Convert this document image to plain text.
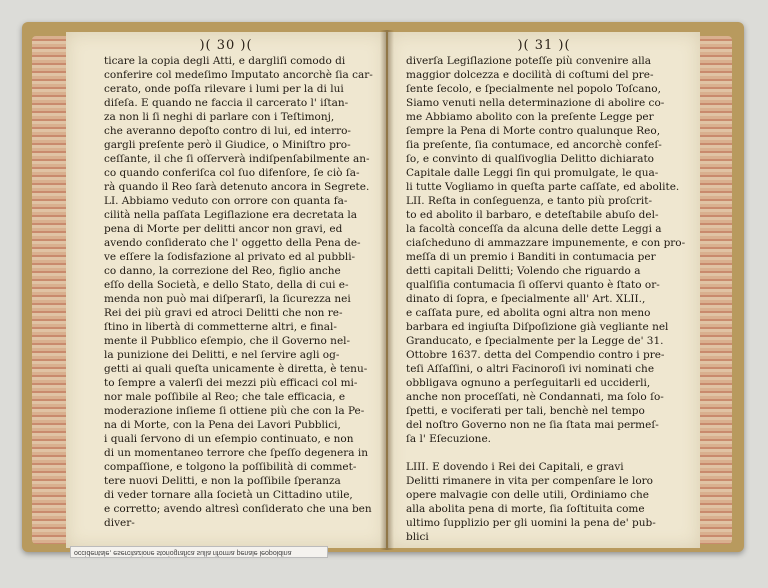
)( 30 )(
ticare la copia degli Atti, e dargliſi comodo di
conferire col medeſimo Imputato ancorchè ſia car-
cerato, onde poſſa rilevare i lumi per la di lui
diſeſa. E quando ne faccia il carcerato l' iſtan-
za non li ſi neghi di parlare con i Teſtimonj,
che averanno depoſto contro di lui, ed interro-
gargli preſente però il Giudice, o Miniſtro pro-
ceſſante, il che ſi oſſerverà indiſpenſabilmente an-
co quando conferiſca col ſuo difenſore, ſe ciò ſa-
rà quando il Reo ſarà detenuto ancora in Segrete.
LI. Abbiamo veduto con orrore con quanta fa-
cilità nella paſſata Legiſlazione era decretata la
pena di Morte per delitti ancor non gravi, ed
avendo conſiderato che l' oggetto della Pena de-
ve eſſere la ſodisfazione al privato ed al pubbli-
co danno, la correzione del Reo, figlio anche
eſſo della Società, e dello Stato, della di cui e-
menda non può mai diſperarſi, la ſicurezza nei
Rei dei più gravi ed atroci Delitti che non re-
ſtino in libertà di commetterne altri, e final-
mente il Pubblico eſempio, che il Governo nel-
la punizione dei Delitti, e nel ſervire agli og-
getti ai quali queſta unicamente è diretta, è tenu-
to ſempre a valerſi dei mezzi più efficaci col mi-
nor male poſſibile al Reo; che tale efficacia, e
moderazione inſieme ſi ottiene più che con la Pe-
na di Morte, con la Pena dei Lavori Pubblici,
i quali ſervono di un eſempio continuato, e non
di un momentaneo terrore che ſpeſſo degenera in
compaſſione, e tolgono la poſſibilità di commet-
tere nuovi Delitti, e non la poſſibile ſperanza
di veder tornare alla ſocietà un Cittadino utile,
e corretto; avendo altresì conſiderato che una ben
diver-
)( 31 )(
diverſa Legiſlazione poteſſe più convenire alla
maggior dolcezza e docilità di coſtumi del pre-
ſente ſecolo, e ſpecialmente nel popolo Toſcano,
Siamo venuti nella determinazione di abolire co-
me Abbiamo abolito con la preſente Legge per
ſempre la Pena di Morte contro qualunque Reo,
ſia preſente, ſia contumace, ed ancorchè confeſ-
ſo, e convinto di qualſivoglia Delitto dichiarato
Capitale dalle Leggi ſin qui promulgate, le qua-
li tutte Vogliamo in queſta parte caſſate, ed abolite.
LII. Reſta in conſeguenza, e tanto più proſcrit-
to ed abolito il barbaro, e deteſtabile abuſo del-
la facoltà conceſſa da alcuna delle dette Leggi a
ciaſcheduno di ammazzare impunemente, e con pro-
meſſa di un premio i Banditi in contumacia per
detti capitali Delitti; Volendo che riguardo a
qualſiſia contumacia ſi oſſervi quanto è ſtato or-
dinato di ſopra, e ſpecialmente all' Art. XLII.,
e caſſata pure, ed abolita ogni altra non meno
barbara ed ingiuſta Diſpoſizione già vegliante nel
Granducato, e ſpecialmente per la Legge de' 31.
Ottobre 1637. detta del Compendio contro i pre-
teſi Aſſaſſini, o altri Facinoroſi ivi nominati che
obbligava ognuno a perſeguitarli ed ucciderli,
anche non proceſſati, nè Condannati, ma ſolo ſo-
ſpetti, e vociferati per tali, benchè nel tempo
del noſtro Governo non ne ſia ſtata mai permeſ-
ſa l' Eſecuzione.
LIII. E dovendo i Rei dei Capitali, e gravi
Delitti rimanere in vita per compenſare le loro
opere malvagie con delle utili, Ordiniamo che
alla abolita pena di morte, ſia ſoſtituita come
ultimo ſupplizio per gli uomini la pena de' pub-
blici
occidentale, esercitazione storiografica sulla riforma penale leopoldina
